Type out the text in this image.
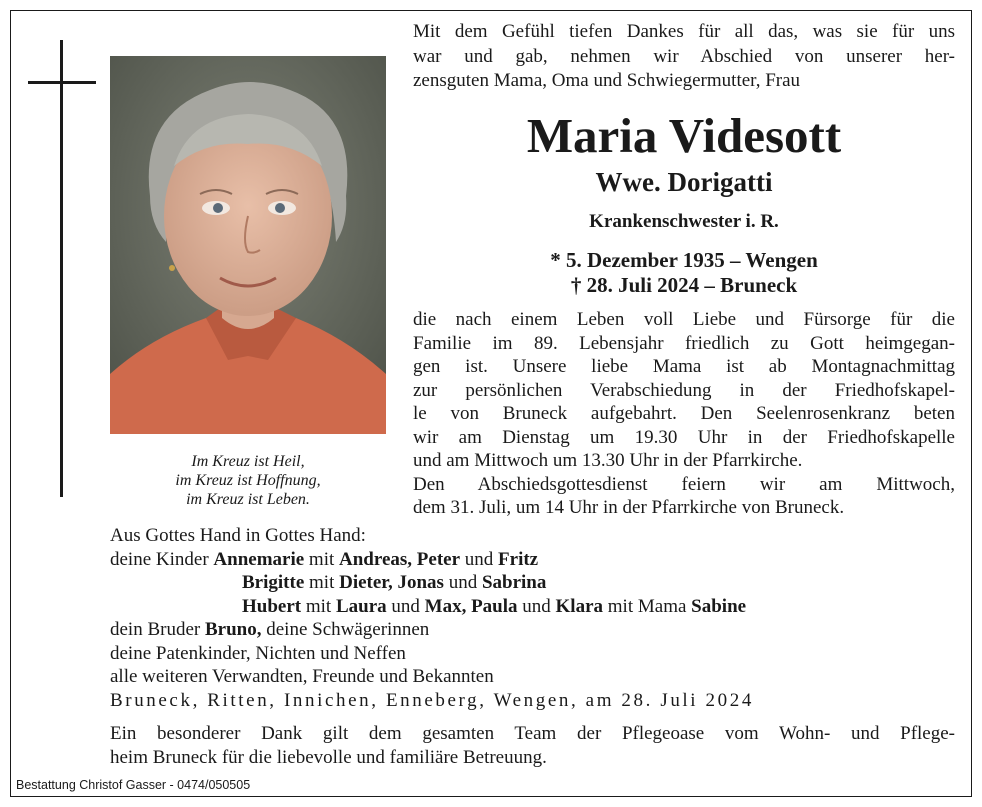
Im Kreuz ist Heil,
im Kreuz ist Hoffnung,
im Kreuz ist Leben.
Mit dem Gefühl tiefen Dankes für all das, was sie für uns
war und gab, nehmen wir Abschied von unserer her-
zensguten Mama, Oma und Schwiegermutter, Frau
Maria Videsott
Wwe. Dorigatti
Krankenschwester i. R.
* 5. Dezember 1935 – Wengen
† 28. Juli 2024 – Bruneck
die nach einem Leben voll Liebe und Fürsorge für die
Familie im 89. Lebensjahr friedlich zu Gott heimgegan-
gen ist. Unsere liebe Mama ist ab Montagnachmittag
zur persönlichen Verabschiedung in der Friedhofskapel-
le von Bruneck aufgebahrt. Den Seelenrosenkranz beten
wir am Dienstag um 19.30 Uhr in der Friedhofskapelle
und am Mittwoch um 13.30 Uhr in der Pfarrkirche.
Den Abschiedsgottesdienst feiern wir am Mittwoch,
dem 31. Juli, um 14 Uhr in der Pfarrkirche von Bruneck.
Aus Gottes Hand in Gottes Hand:
deine Kinder Annemarie mit Andreas, Peter und Fritz
Brigitte mit Dieter, Jonas und Sabrina
Hubert mit Laura und Max, Paula und Klara mit Mama Sabine
dein Bruder Bruno, deine Schwägerinnen
deine Patenkinder, Nichten und Neffen
alle weiteren Verwandten, Freunde und Bekannten
Bruneck, Ritten, Innichen, Enneberg, Wengen, am 28. Juli 2024
Ein besonderer Dank gilt dem gesamten Team der Pflegeoase vom Wohn- und Pflege-
heim Bruneck für die liebevolle und familiäre Betreuung.
Bestattung Christof Gasser - 0474/050505
